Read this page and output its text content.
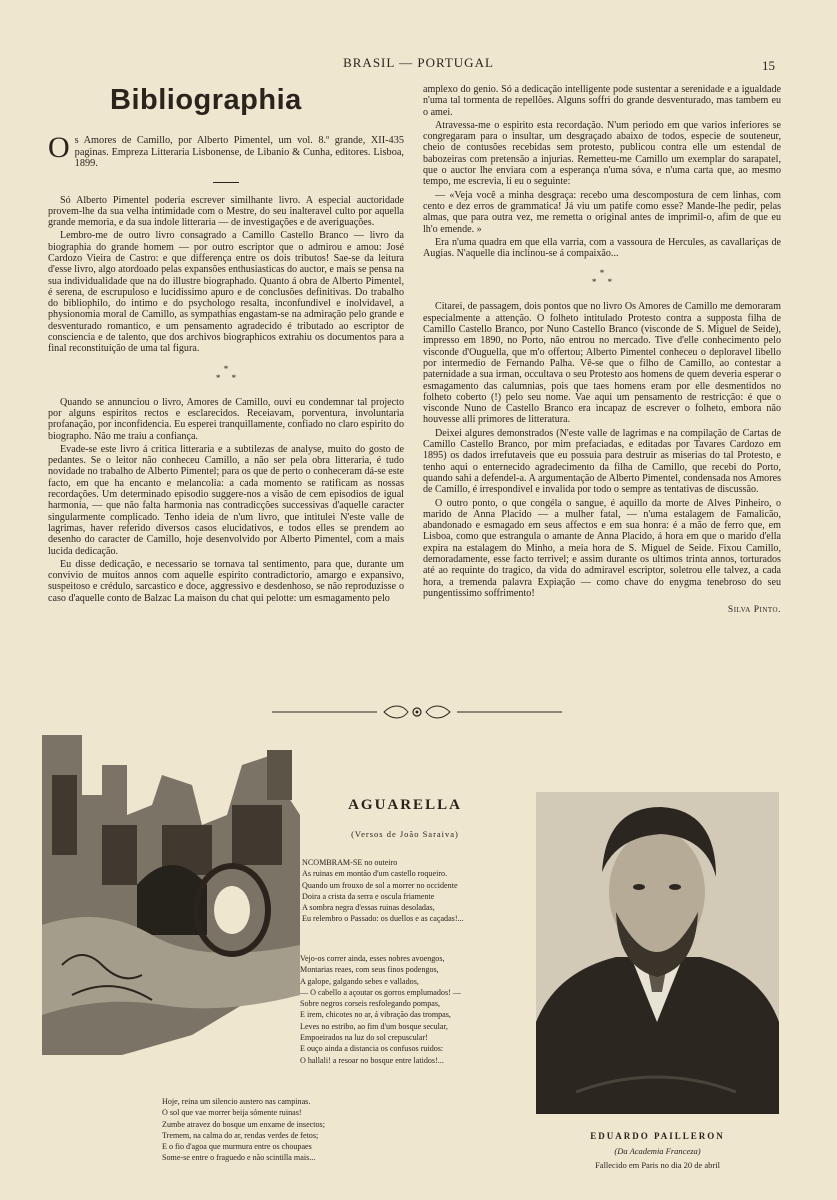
BRASIL — PORTUGAL	15
Bibliographia
Os Amores de Camillo, por Alberto Pimentel, um vol. 8.º grande, XII-435 paginas. Empreza Litteraria Lisbonense, de Libanio & Cunha, editores. Lisboa, 1899.

Só Alberto Pimentel poderia escrever similhante livro. A especial auctoridade provem-lhe da sua velha intimidade com o Mestre, do seu inalteravel culto por aquella grande memoria, e da sua indole litteraria — de investigações e de averiguações.

Lembro-me de outro livro consagrado a Camillo Castello Branco — livro da biographia do grande homem — por outro escriptor que o admirou e amou: José Cardozo Vieira de Castro: e que differença entre os dois tributos! Sae-se da leitura d'esse livro, algo atordoado pelas expansões enthusiasticas do auctor, e mais se pensa na sua individualidade que na do illustre biographado. Quanto á obra de Alberto Pimentel, é serena, de escrupuloso e lucidissimo apuro e de conclusões definitivas. Do trabalho do bibliophilo, do intimo e do psychologo resalta, inconfundivel e inolvidavel, a physionomia moral de Camillo, as sympathias engastam-se na admiração pelo grande e desventurado romantico, e um pensamento agradecido é tributado ao escriptor de consciencia e de talento, que dos archivos biographicos extrahiu os documentos para a final reconstituição de uma tal figura.

*
*     *

Quando se annunciou o livro, Amores de Camillo, ouvi eu condemnar tal projecto por alguns espiritos rectos e esclarecidos. Receiavam, porventura, involuntaria profanação, por inconfidencia. Eu esperei tranquillamente, confiado no claro espirito do biographo. Não me traiu a confiança.

Evade-se este livro á critica litteraria e a subtilezas de analyse, muito do gosto de pedantes. Se o leitor não conheceu Camillo, a não ser pela obra litteraria, é tudo novidade no trabalho de Alberto Pimentel; para os que de perto o conheceram dá-se este facto, em que ha encanto e melancolia: a cada momento se ratificam as nossas recordações. Um determinado episodio suggere-nos a visão de cem episodios de igual harmonia, — que não falta harmonia nas contradicções successivas d'aquelle caracter singularmente complicado. Tenho ideia de n'um livro, que intitulei N'este valle de lagrimas, haver referido diversos casos elucidativos, e todos elles se prendem ao desenho do caracter de Camillo, hoje desenvolvido por Alberto Pimentel, com a mais lucida dedicação.

Eu disse dedicação, e necessario se tornava tal sentimento, para que, durante um convivio de muitos annos com aquelle espirito contradictorio, amargo e expansivo, suspeitoso e crédulo, sarcastico e doce, aggressivo e desdenhoso, se não reproduzisse o caso d'aquelle conto de Balzac La maison du chat qui pelotte: um esmagamento pelo

amplexo do genio. Só a dedicação intelligente pode sustentar a serenidade e a igualdade n'uma tal tormenta de repellões. Alguns soffri do grande desventurado, mas tambem eu o amei.

Atravessa-me o espirito esta recordação. N'um periodo em que varios inferiores se congregaram para o insultar, um desgraçado abaixo de todos, especie de souteneur, cheio de contusões recebidas sem protesto, publicou contra elle um estendal de babozeiras com pretensão a injurias. Remetteu-me Camillo um exemplar do sarapatel, que o auctor lhe enviara com a esperança n'uma sóva, e n'uma carta que, ao mesmo tempo, me escrevia, li eu o seguinte:

— «Veja você a minha desgraça: recebo uma descompostura de cem linhas, com cento e dez erros de grammatica! Já viu um patife como esse? Mande-lhe pedir, pelas almas, que para outra vez, me remetta o original antes de imprimil-o, afim de que eu lh'o emende. »

Era n'uma quadra em que ella varria, com a vassoura de Hercules, as cavallariças de Augias. N'aquelle dia inclinou-se á compaixão...

*
*     *

Citarei, de passagem, dois pontos que no livro Os Amores de Camillo me demoraram especialmente a attenção. O folheto intitulado Protesto contra a supposta filha de Camillo Castello Branco, por Nuno Castello Branco (visconde de S. Miguel de Seide), impresso em 1890, no Porto, não entrou no mercado. Tive d'elle conhecimento pelo visconde d'Ouguella, que m'o offertou; Alberto Pimentel conheceu o deploravel libello por intermedio de Fernando Palha. Vê-se que o filho de Camillo, ao contestar a paternidade a sua irman, occultava o seu Protesto aos homens de quem deveria esperar o esmagamento das calumnias, pois que taes homens eram por elle desmentidos no folheto coberto (!) pelo seu nome. Vae aqui um pensamento de restricção: é que o visconde Nuno de Castello Branco era incapaz de escrever o folheto, embora não houvesse alli primores de litteratura.

Deixei algures demonstrados (N'este valle de lagrimas e na compilação de Cartas de Camillo Castello Branco, por mim prefaciadas, e editadas por Tavares Cardozo em 1895) os dados irrefutaveis que eu possuia para destruir as miserias do tal Protesto, e tenho aqui o enternecido agradecimento da filha de Camillo, que recebi do Porto, quando sahi a defendel-a. A argumentação de Alberto Pimentel, condensada nos Amores de Camillo, é irrespondivel e invalida por todo o sempre as tentativas de discussão.

O outro ponto, o que congéla o sangue, é aquillo da morte de Alves Pinheiro, o marido de Anna Placido — a mulher fatal, — n'uma estalagem de Famalicão, abandonado e esmagado em seus affectos e em sua honra: é a mão de ferro que, em Lisboa, como que estrangula o amante de Anna Placido, á hora em que o marido d'ella expira na estalagem do Minho, a meia hora de S. Miguel de Seide. Fixou Camillo, demoradamente, esse facto terrivel; e assim durante os ultimos trinta annos, torturados até ao requinte do tragico, da vida do admiravel escriptor, soletrou elle talvez, a cada hora, a tremenda palavra Expiação — como chave do enygma tenebroso do seu pungentissimo soffrimento!

Silva Pinto.
AGUARELLA
(Versos de João Saraiva)
NCOMBRAM-SE no outeiro
As ruinas em montão d'um castello roqueiro.
Quando um frouxo de sol a morrer no occidente
Doira a crista da serra e oscula friamente
A sombra negra d'essas ruinas desoladas,
Eu relembro o Passado: os duellos e as caçadas!...
Vejo-os correr ainda, esses nobres avoengos,
Montarias reaes, com seus finos podengos,
A galope, galgando sebes e vallados,
— O cabello a açoutar os gorros emplumados! —
Sobre negros corseis resfolegando pompas,
E irem, chicotes no ar, á vibração das trompas,
Leves no estribo, ao fim d'um bosque secular,
Empoeirados na luz do sol crepuscular!
E ouço ainda a distancia os confusos ruidos:
O hallali! a resoar no bosque entre latidos!...
Hoje, reina um silencio austero nas campinas.
O sol que vae morrer beija sómente ruinas!
Zumbe atravez do bosque um enxame de insectos;
Tremem, na calma do ar, rendas verdes de fetos;
E o fio d'agoa que murmura entre os choupaes
Some-se entre o fraguedo e não scintilla mais...
EDUARDO PAILLERON
(Da Academia Franceza)
Fallecido em Paris no dia 20 de abril
